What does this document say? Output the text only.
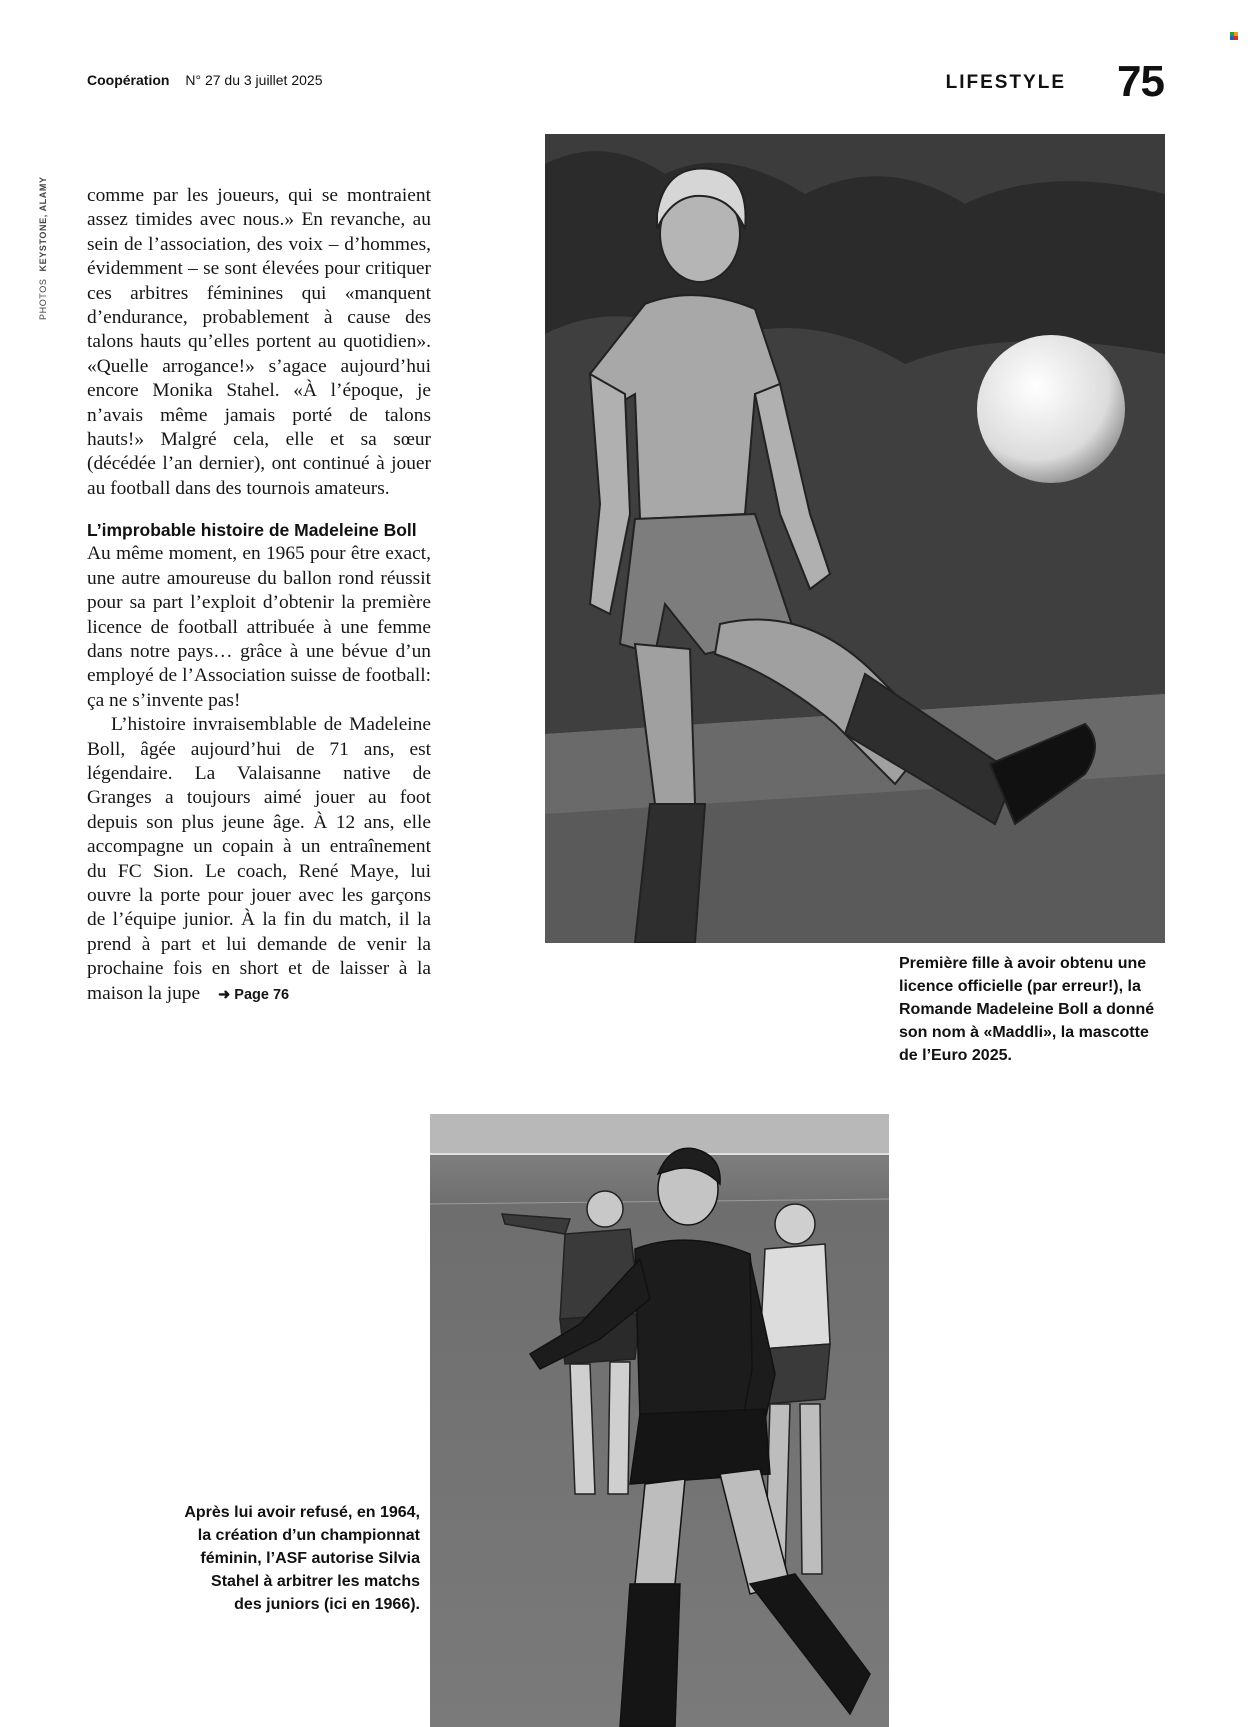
Coopération N° 27 du 3 juillet 2025	LIFESTYLE 75
PHOTOS KEYSTONE, ALAMY comme par les joueurs, qui se montraient assez timides avec nous.» En revanche, au sein de l’association, des voix – d’hommes, évidemment – se sont élevées pour critiquer ces arbitres féminines qui «manquent d’endurance, probablement à cause des talons hauts qu’elles portent au quotidien». «Quelle arrogance!» s’agace aujourd’hui encore Monika Stahel. «À l’époque, je n’avais même jamais porté de talons hauts!» Malgré cela, elle et sa sœur (décédée l’an dernier), ont continué à jouer au football dans des tournois amateurs.

L’improbable histoire de Madeleine Boll

Au même moment, en 1965 pour être exact, une autre amoureuse du ballon rond réussit pour sa part l’exploit d’obtenir la première licence de football attribuée à une femme dans notre pays… grâce à une bévue d’un employé de l’Association suisse de football: ça ne s’invente pas!

L’histoire invraisemblable de Madeleine Boll, âgée aujourd’hui de 71 ans, est légendaire. La Valaisanne native de Granges a toujours aimé jouer au foot depuis son plus jeune âge. À 12 ans, elle accompagne un copain à un entraînement du FC Sion. Le coach, René Maye, lui ouvre la porte pour jouer avec les garçons de l’équipe junior. À la fin du match, il la prend à part et lui demande de venir la prochaine fois en short et de laisser à la maison la jupe ➜ Page 76

Première fille à avoir obtenu une licence officielle (par erreur!), la Romande Madeleine Boll a donné son nom à «Maddli», la mascotte de l’Euro 2025.
Après lui avoir refusé, en 1964, la création d’un championnat féminin, l’ASF autorise Silvia Stahel à arbitrer les matchs des juniors (ici en 1966).
